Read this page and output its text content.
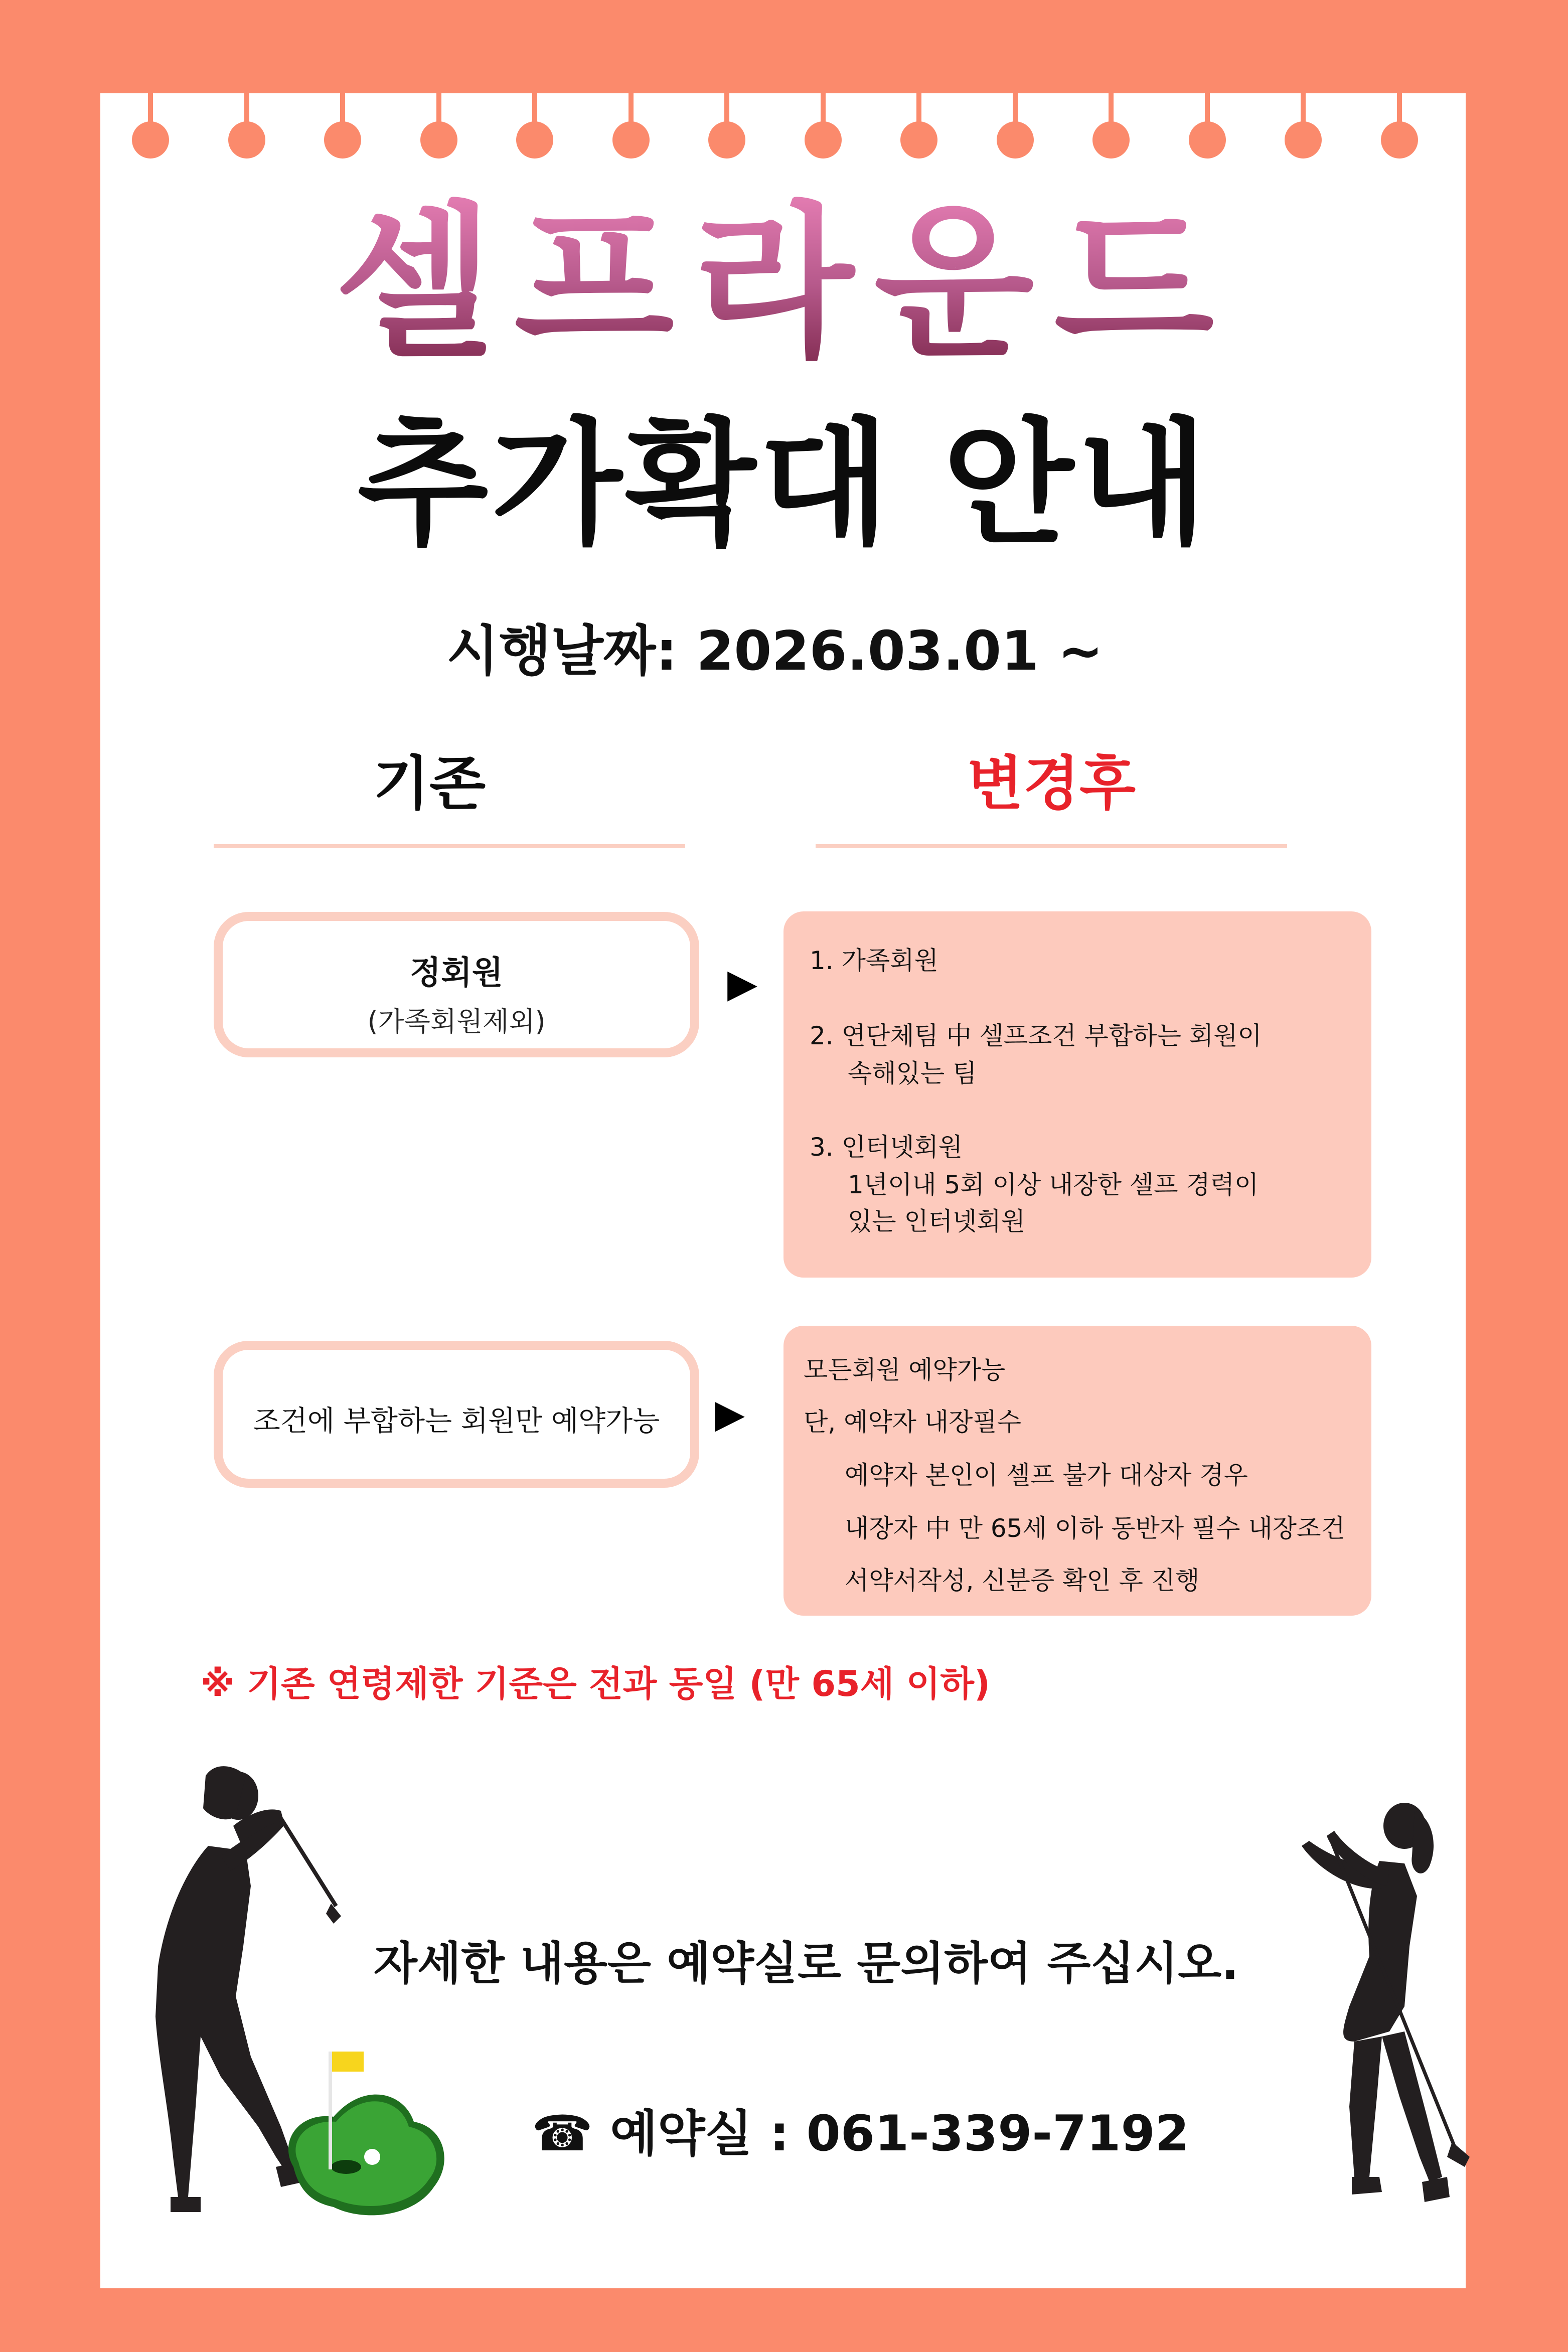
셀프라운드
추가확대 안내
시행날짜: 2026.03.01 ~
기존	변경후
정회원
(가족회원제외)
▶
1. 가족회원
2. 연단체팀 中 셀프조건 부합하는 회원이
속해있는 팀
3. 인터넷회원
1년이내 5회 이상 내장한 셀프 경력이
있는 인터넷회원
조건에 부합하는 회원만 예약가능	▶
모든회원 예약가능
단, 예약자 내장필수
예약자 본인이 셀프 불가 대상자 경우
내장자 中 만 65세 이하 동반자 필수 내장조건
서약서작성, 신분증 확인 후 진행
※ 기존 연령제한 기준은 전과 동일 (만 65세 이하)
자세한 내용은 예약실로 문의하여 주십시오.
☎ 예약실 : 061-339-7192
